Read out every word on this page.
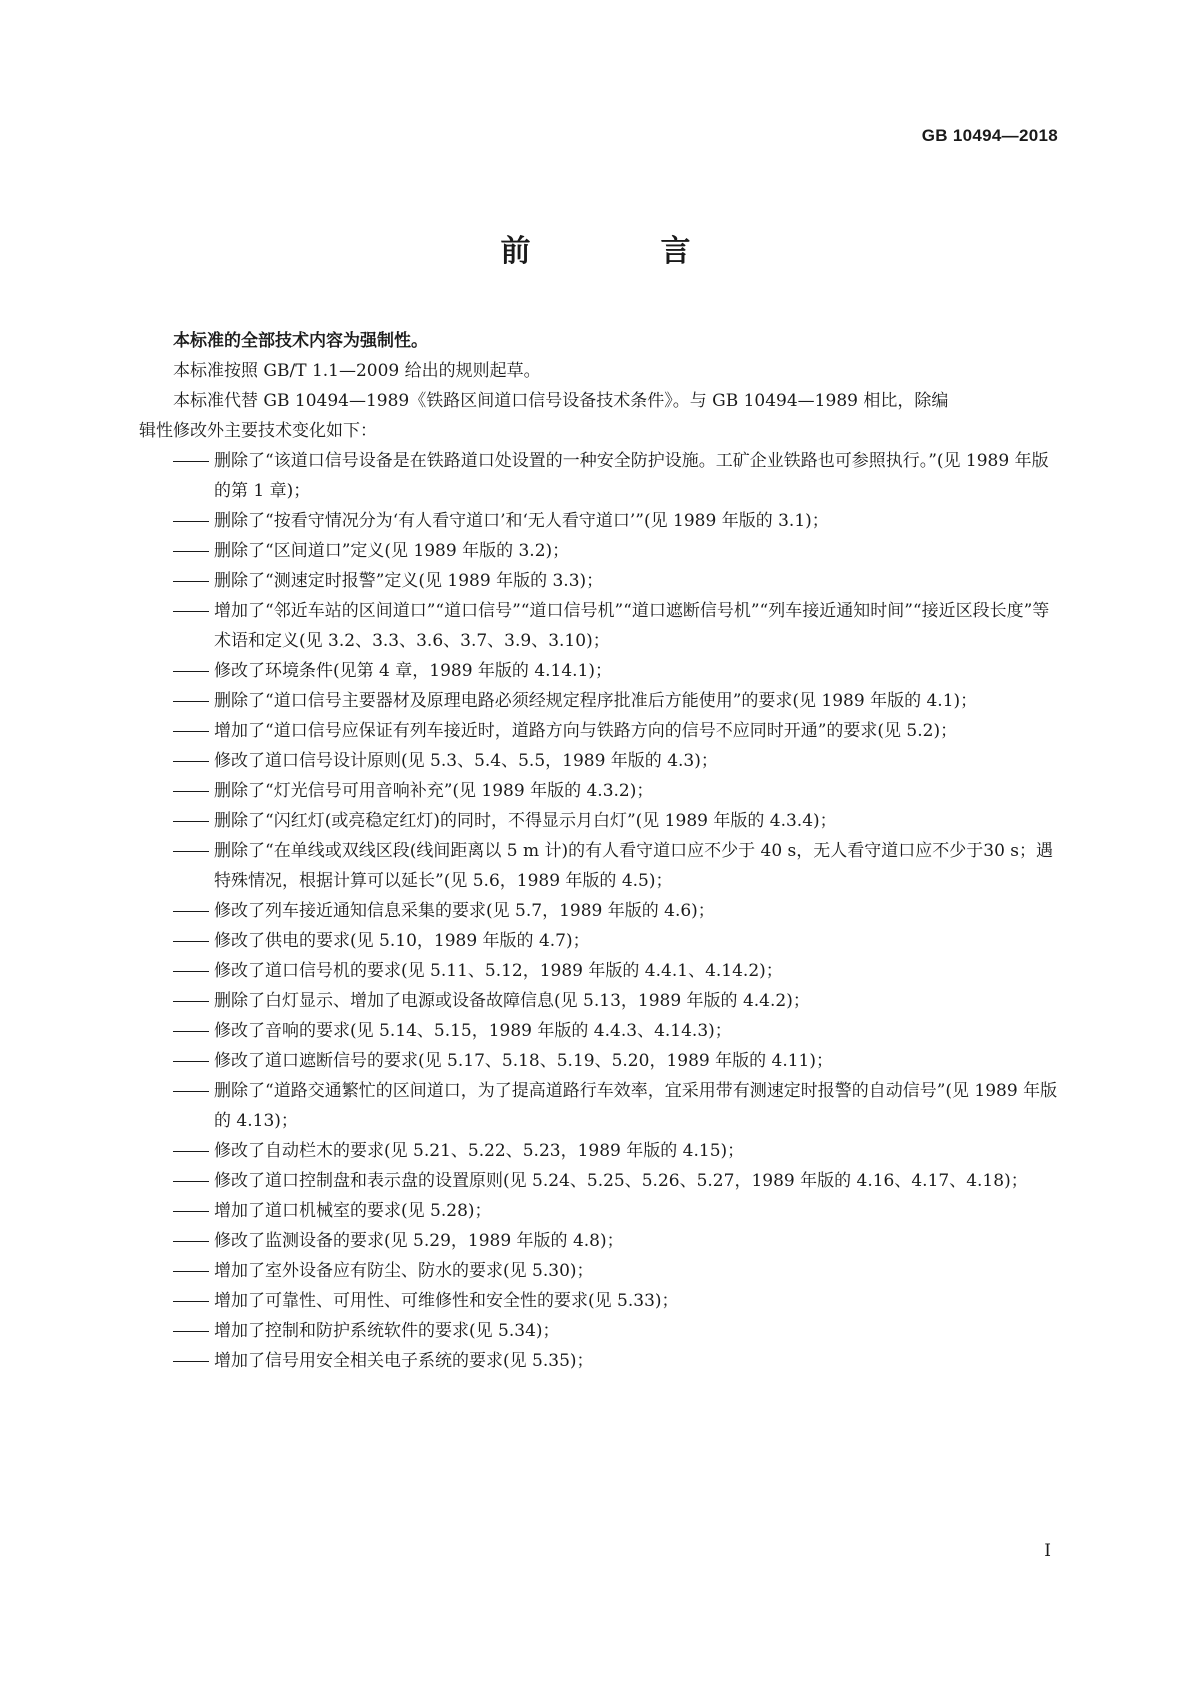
GB 10494—2018
前　言

本标准的全部技术内容为强制性。

本标准按照 GB/T 1.1—2009 给出的规则起草。

本标准代替 GB 10494—1989《铁路区间道口信号设备技术条件》。与 GB 10494—1989 相比，除编

辑性修改外主要技术变化如下：

删除了“该道口信号设备是在铁路道口处设置的一种安全防护设施。工矿企业铁路也可参照执行。”(见 1989 年版的第 1 章)；
删除了“按看守情况分为‘有人看守道口’和‘无人看守道口’”(见 1989 年版的 3.1)；
删除了“区间道口”定义(见 1989 年版的 3.2)；
删除了“测速定时报警”定义(见 1989 年版的 3.3)；
增加了“邻近车站的区间道口”“道口信号”“道口信号机”“道口遮断信号机”“列车接近通知时间”“接近区段长度”等术语和定义(见 3.2、3.3、3.6、3.7、3.9、3.10)；
修改了环境条件(见第 4 章，1989 年版的 4.14.1)；
删除了“道口信号主要器材及原理电路必须经规定程序批准后方能使用”的要求(见 1989 年版的 4.1)；
增加了“道口信号应保证有列车接近时，道路方向与铁路方向的信号不应同时开通”的要求(见 5.2)；
修改了道口信号设计原则(见 5.3、5.4、5.5，1989 年版的 4.3)；
删除了“灯光信号可用音响补充”(见 1989 年版的 4.3.2)；
删除了“闪红灯(或亮稳定红灯)的同时，不得显示月白灯”(见 1989 年版的 4.3.4)；
删除了“在单线或双线区段(线间距离以 5 m 计)的有人看守道口应不少于 40 s，无人看守道口应不少于30 s；遇特殊情况，根据计算可以延长”(见 5.6，1989 年版的 4.5)；
修改了列车接近通知信息采集的要求(见 5.7，1989 年版的 4.6)；
修改了供电的要求(见 5.10，1989 年版的 4.7)；
修改了道口信号机的要求(见 5.11、5.12，1989 年版的 4.4.1、4.14.2)；
删除了白灯显示、增加了电源或设备故障信息(见 5.13，1989 年版的 4.4.2)；
修改了音响的要求(见 5.14、5.15，1989 年版的 4.4.3、4.14.3)；
修改了道口遮断信号的要求(见 5.17、5.18、5.19、5.20，1989 年版的 4.11)；
删除了“道路交通繁忙的区间道口，为了提高道路行车效率，宜采用带有测速定时报警的自动信号”(见 1989 年版的 4.13)；
修改了自动栏木的要求(见 5.21、5.22、5.23，1989 年版的 4.15)；
修改了道口控制盘和表示盘的设置原则(见 5.24、5.25、5.26、5.27，1989 年版的 4.16、4.17、4.18)；
增加了道口机械室的要求(见 5.28)；
修改了监测设备的要求(见 5.29，1989 年版的 4.8)；
增加了室外设备应有防尘、防水的要求(见 5.30)；
增加了可靠性、可用性、可维修性和安全性的要求(见 5.33)；
增加了控制和防护系统软件的要求(见 5.34)；
增加了信号用安全相关电子系统的要求(见 5.35)；
I
